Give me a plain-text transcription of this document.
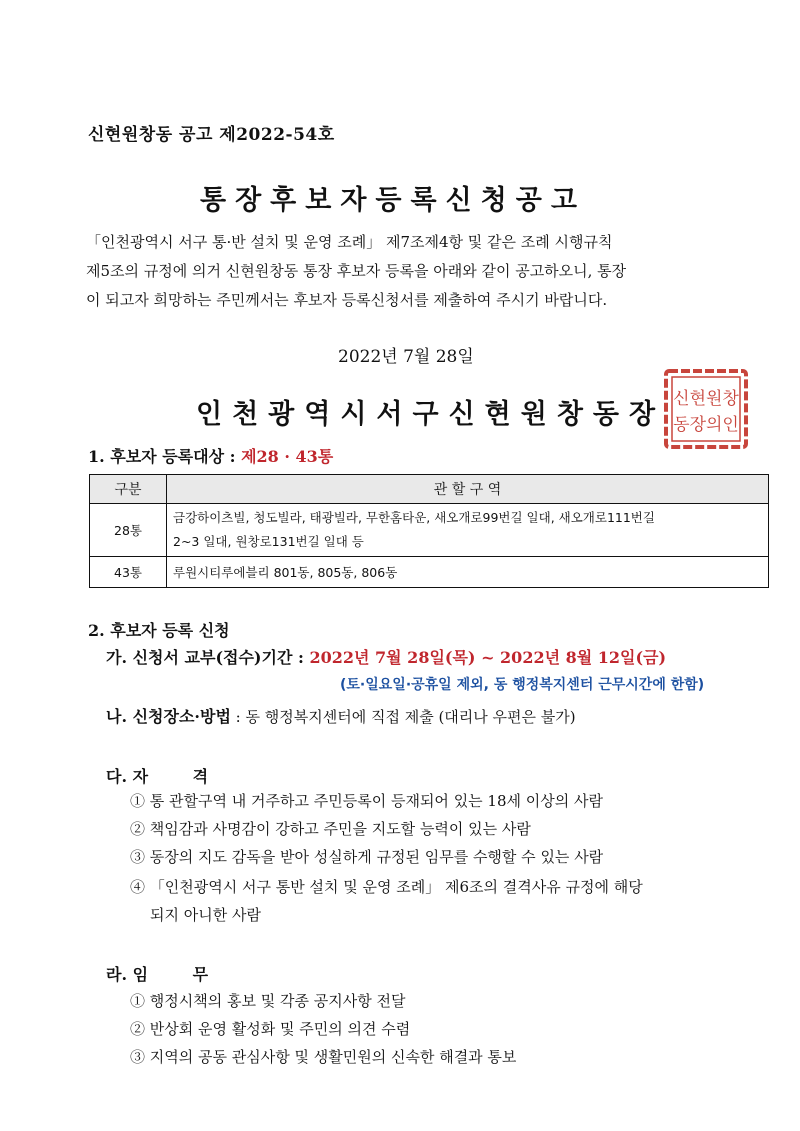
신현원창동 공고 제2022-54호
통장후보자등록신청공고
「인천광역시 서구 통·반 설치 및 운영 조례」 제7조제4항 및 같은 조례 시행규칙
제5조의 규정에 의거 신현원창동 통장 후보자 등록을 아래와 같이 공고하오니, 통장
이 되고자 희망하는 주민께서는 후보자 등록신청서를 제출하여 주시기 바랍니다.
2022년 7월 28일
인천광역시서구신현원창동장 신현원창
동장의인
1. 후보자 등록대상 : 제28 · 43통
구분	관 할 구 역
28통	금강하이츠빌, 청도빌라, 태광빌라, 무한홈타운, 새오개로99번길 일대, 새오개로111번길
2~3 일대, 원창로131번길 일대 등

43통	루원시티루에블리 801동, 805동, 806동
2. 후보자 등록 신청
가. 신청서 교부(접수)기간 : 2022년 7월 28일(목) ~ 2022년 8월 12일(금)
(토·일요일·공휴일 제외, 동 행정복지센터 근무시간에 한함)
나. 신청장소·방법 : 동 행정복지센터에 직접 제출 (대리나 우편은 불가)
다. 자        격
① 통 관할구역 내 거주하고 주민등록이 등재되어 있는 18세 이상의 사람
② 책임감과 사명감이 강하고 주민을 지도할 능력이 있는 사람
③ 동장의 지도 감독을 받아 성실하게 규정된 임무를 수행할 수 있는 사람
④ 「인천광역시 서구 통반 설치 및 운영 조례」 제6조의 결격사유 규정에 해당
되지 아니한 사람
라. 임        무
① 행정시책의 홍보 및 각종 공지사항 전달
② 반상회 운영 활성화 및 주민의 의견 수렴
③ 지역의 공동 관심사항 및 생활민원의 신속한 해결과 통보
